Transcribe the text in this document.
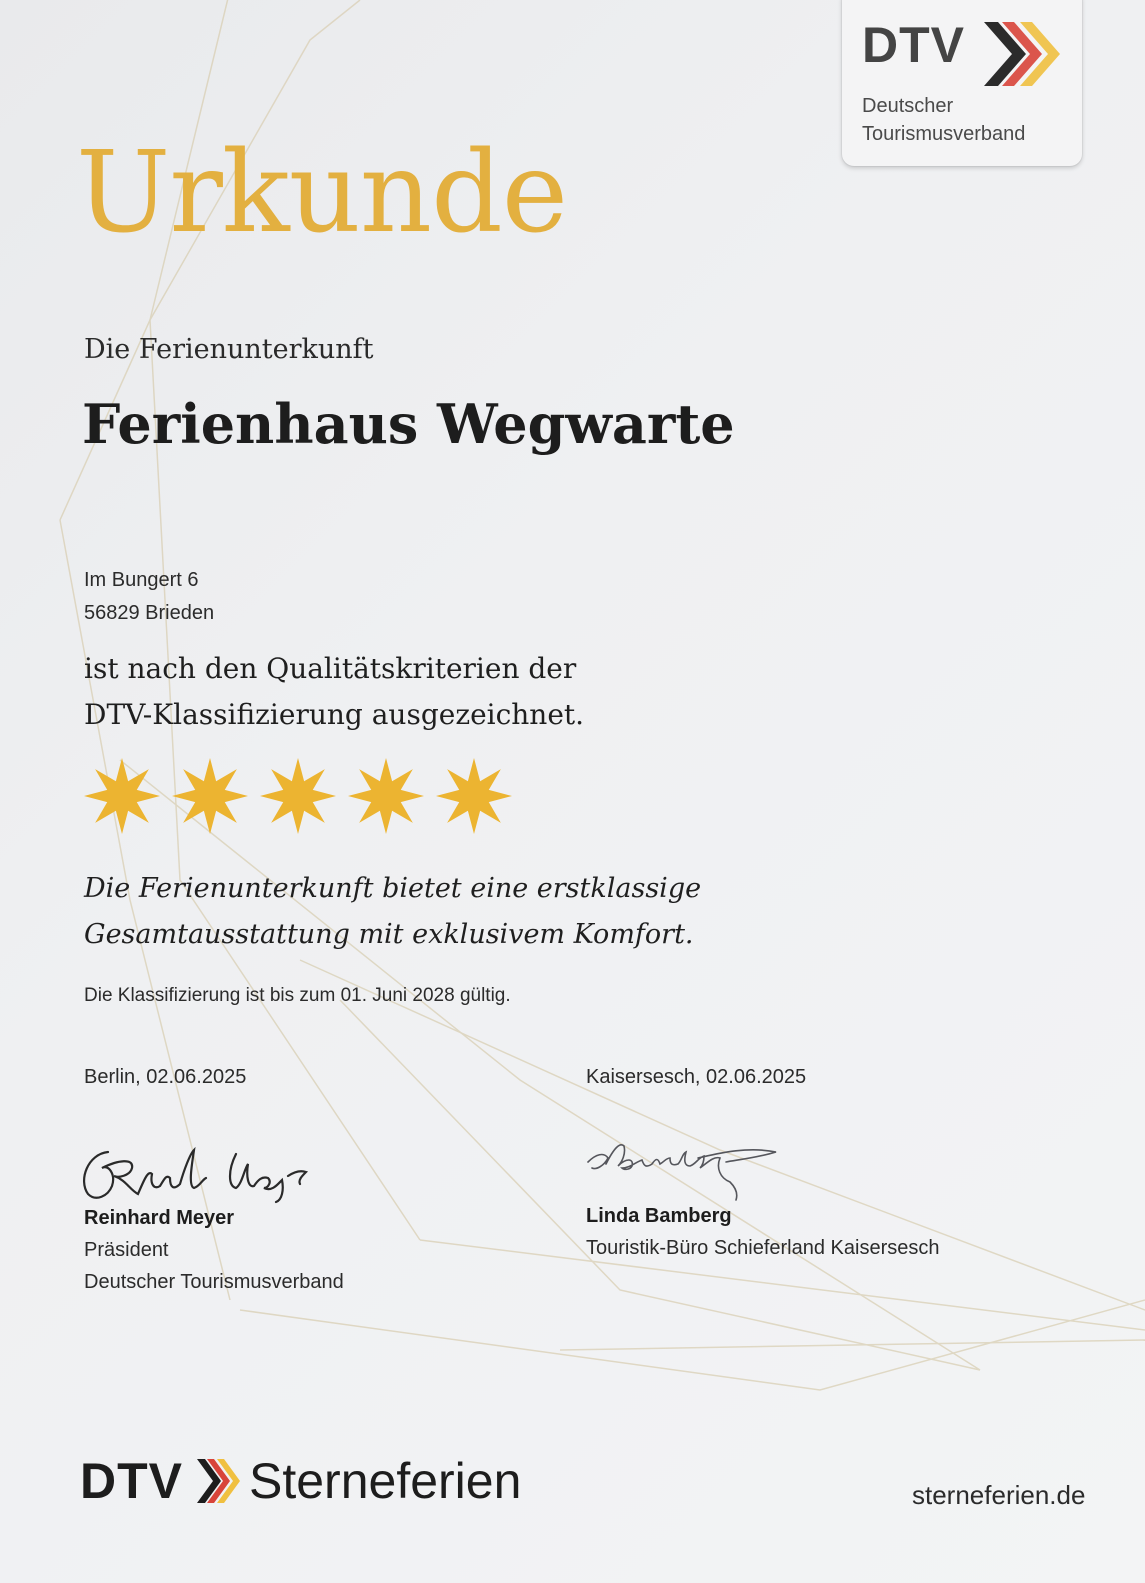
DTV
Deutscher
Tourismusverband
Urkunde
Die Ferienunterkunft
Ferienhaus Wegwarte
Im Bungert 6
56829 Brieden
ist nach den Qualitätskriterien der
DTV-Klassifizierung ausgezeichnet.
Die Ferienunterkunft bietet eine erstklassige
Gesamtausstattung mit exklusivem Komfort.
Die Klassifizierung ist bis zum 01. Juni 2028 gültig.
Berlin, 02.06.2025	Kaisersesch, 02.06.2025
Reinhard Meyer
Präsident
Deutscher Tourismusverband
Linda Bamberg
Touristik-Büro Schieferland Kaisersesch
DTV Sterneferien	sterneferien.de
